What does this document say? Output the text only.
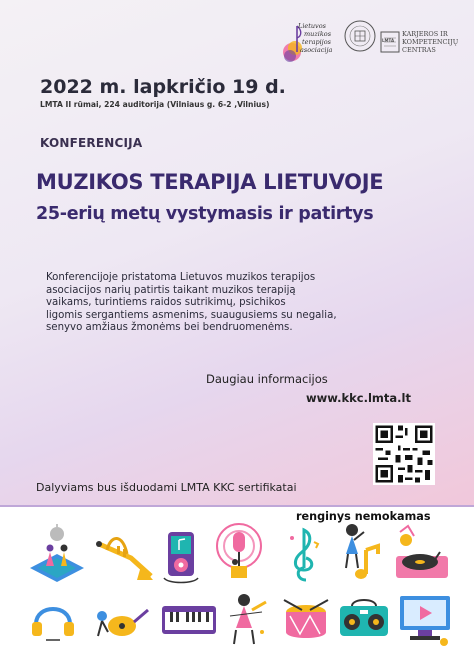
Lietuvos
muzikos
terapijos
asociacija
KARJEROS IR
KOMPETENCIJŲ
CENTRAS
LMTA
2022 m. lapkričio 19 d.
LMTA II rūmai, 224 auditorija (Vilniaus g. 6-2 ,Vilnius)
KONFERENCIJA
MUZIKOS TERAPIJA LIETUVOJE
25-erių metų vystymasis ir patirtys
Konferencijoje pristatoma Lietuvos muzikos terapijos
asociacijos narių patirtis taikant muzikos terapiją
vaikams, turintiems raidos sutrikimų, psichikos
ligomis sergantiems asmenims, suaugusiems su negalia,
senyvo amžiaus žmonėms bei bendruomenėms.
Daugiau informacijos
www.kkc.lmta.lt
Dalyviams bus išduodami LMTA KKC sertifikatai
renginys nemokamas
